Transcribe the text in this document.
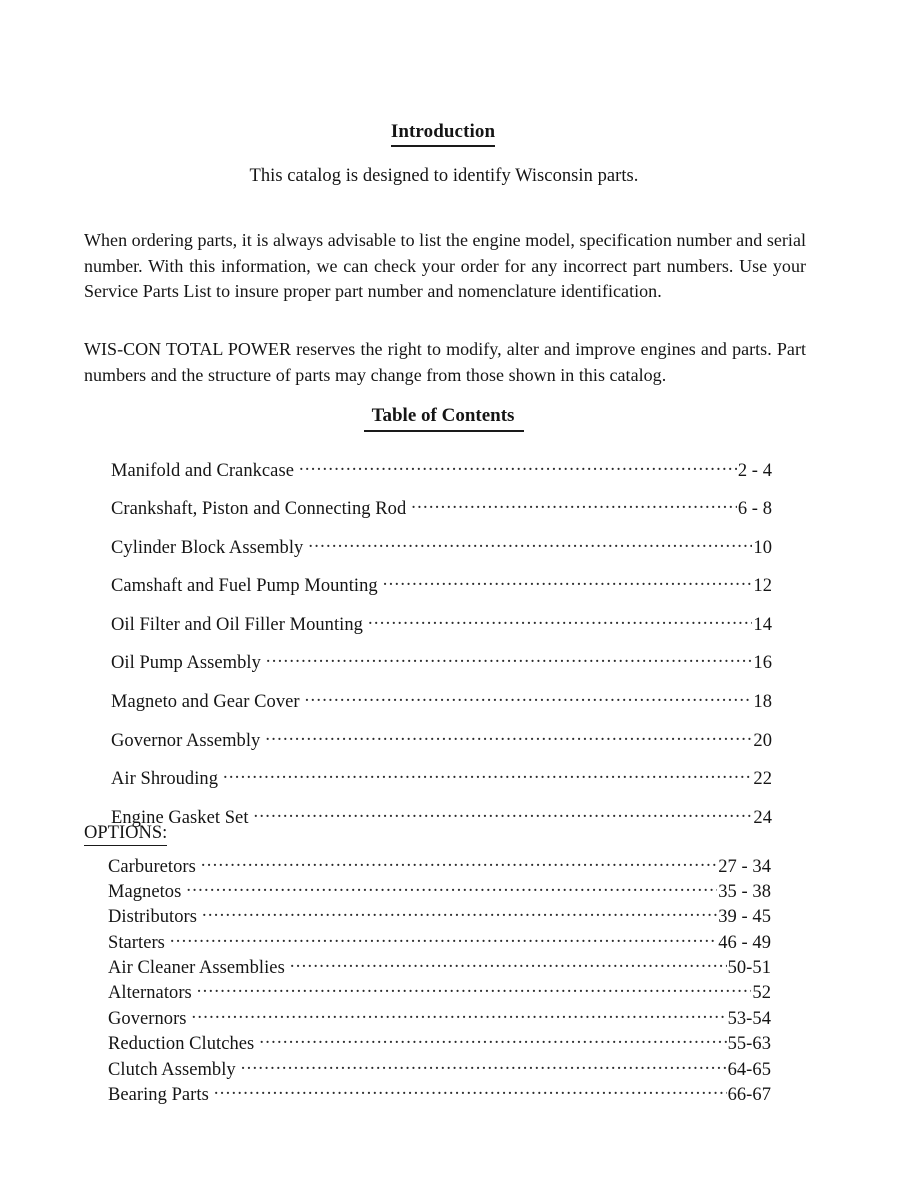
Introduction
This catalog is designed to identify Wisconsin parts.

When ordering parts, it is always advisable to list the engine model, specification number and serial number. With this information, we can check your order for any incorrect part numbers. Use your Service Parts List to insure proper part number and nomenclature identification.

WIS-CON TOTAL POWER reserves the right to modify, alter and improve engines and parts. Part numbers and the structure of parts may change from those shown in this catalog.

Table of Contents
Manifold and Crankcase .....	2 - 4
Crankshaft, Piston and Connecting Rod .....	6 - 8
Cylinder Block Assembly .....	10
Camshaft and Fuel Pump Mounting .....	12
Oil Filter and Oil Filler Mounting .....	14
Oil Pump Assembly .....	16
Magneto and Gear Cover .....	18
Governor Assembly .....	20
Air Shrouding .....	22
Engine Gasket Set .....	24
OPTIONS:
Carburetors .....	27 - 34
Magnetos .....	35 - 38
Distributors .....	39 - 45
Starters .....	46 - 49
Air Cleaner Assemblies .....	50-51
Alternators .....	52
Governors .....	53-54
Reduction Clutches .....	55-63
Clutch Assembly .....	64-65
Bearing Parts .....	66-67
